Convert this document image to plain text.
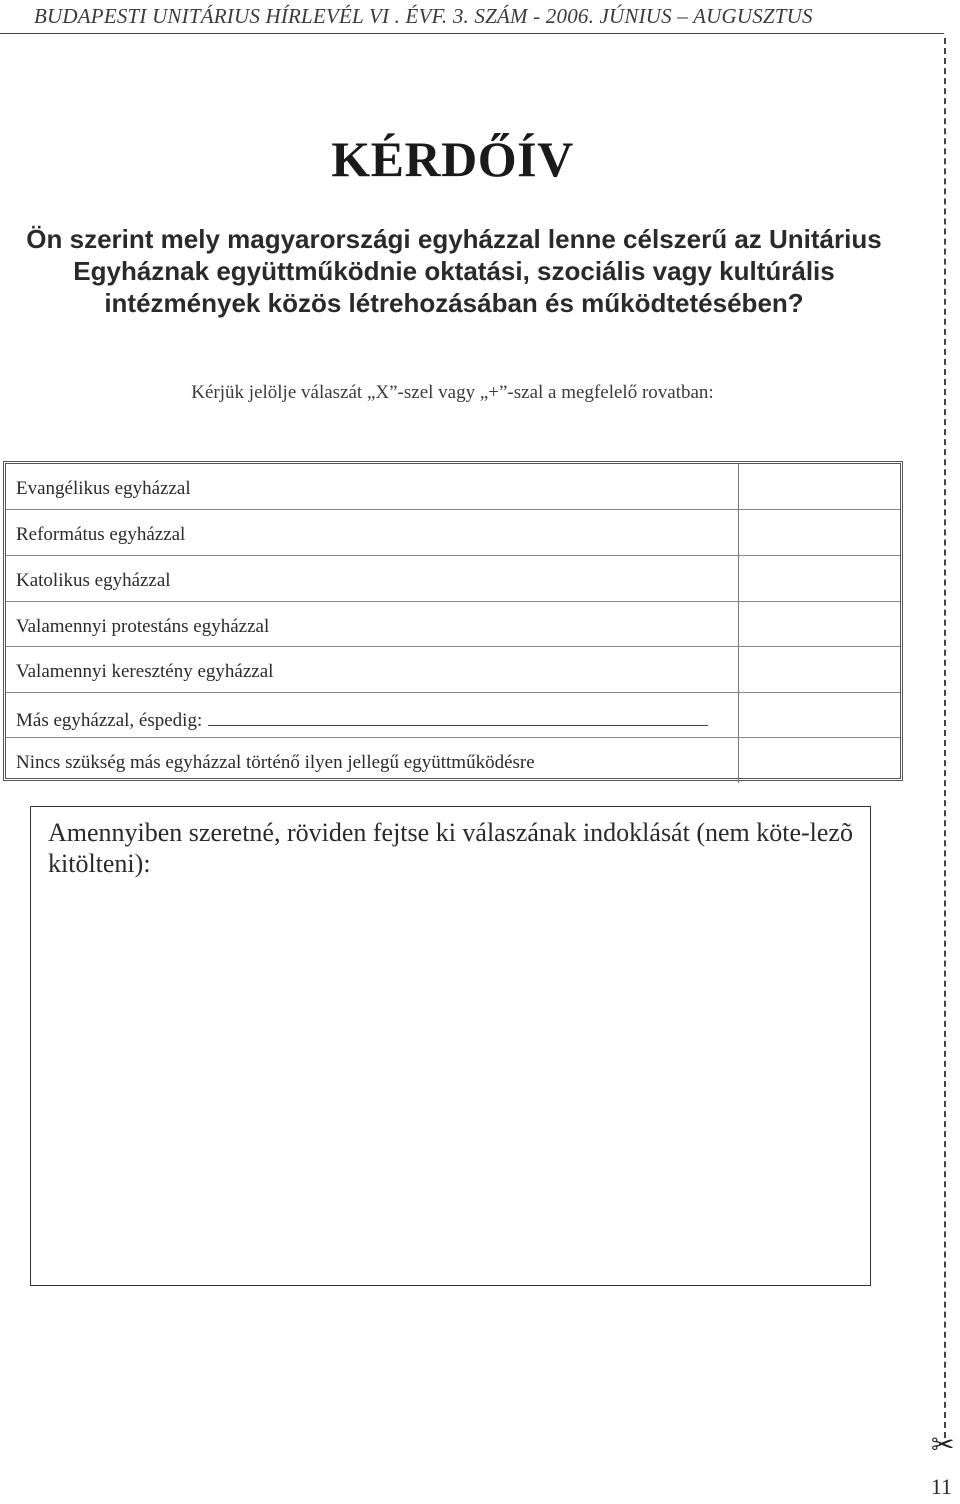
BUDAPESTI UNITÁRIUS HÍRLEVÉL VI . ÉVF. 3. SZÁM - 2006. JÚNIUS – AUGUSZTUS
KÉRDŐÍV
Ön szerint mely magyarországi egyházzal lenne célszerű az Unitárius Egyháznak együttműködnie oktatási, szociális vagy kultúrális intézmények közös létrehozásában és működtetésében?
Kérjük jelölje válaszát „X”-szel vagy „+”-szal a megfelelő rovatban:
Evangélikus egyházzal
Református egyházzal
Katolikus egyházzal
Valamennyi protestáns egyházzal
Valamennyi keresztény egyházzal
Más egyházzal, éspedig:
Nincs szükség más egyházzal történő ilyen jellegű együttműködésre
Amennyiben szeretné, röviden fejtse ki válaszának indoklását (nem köte-lezõ kitölteni):
✂
11
